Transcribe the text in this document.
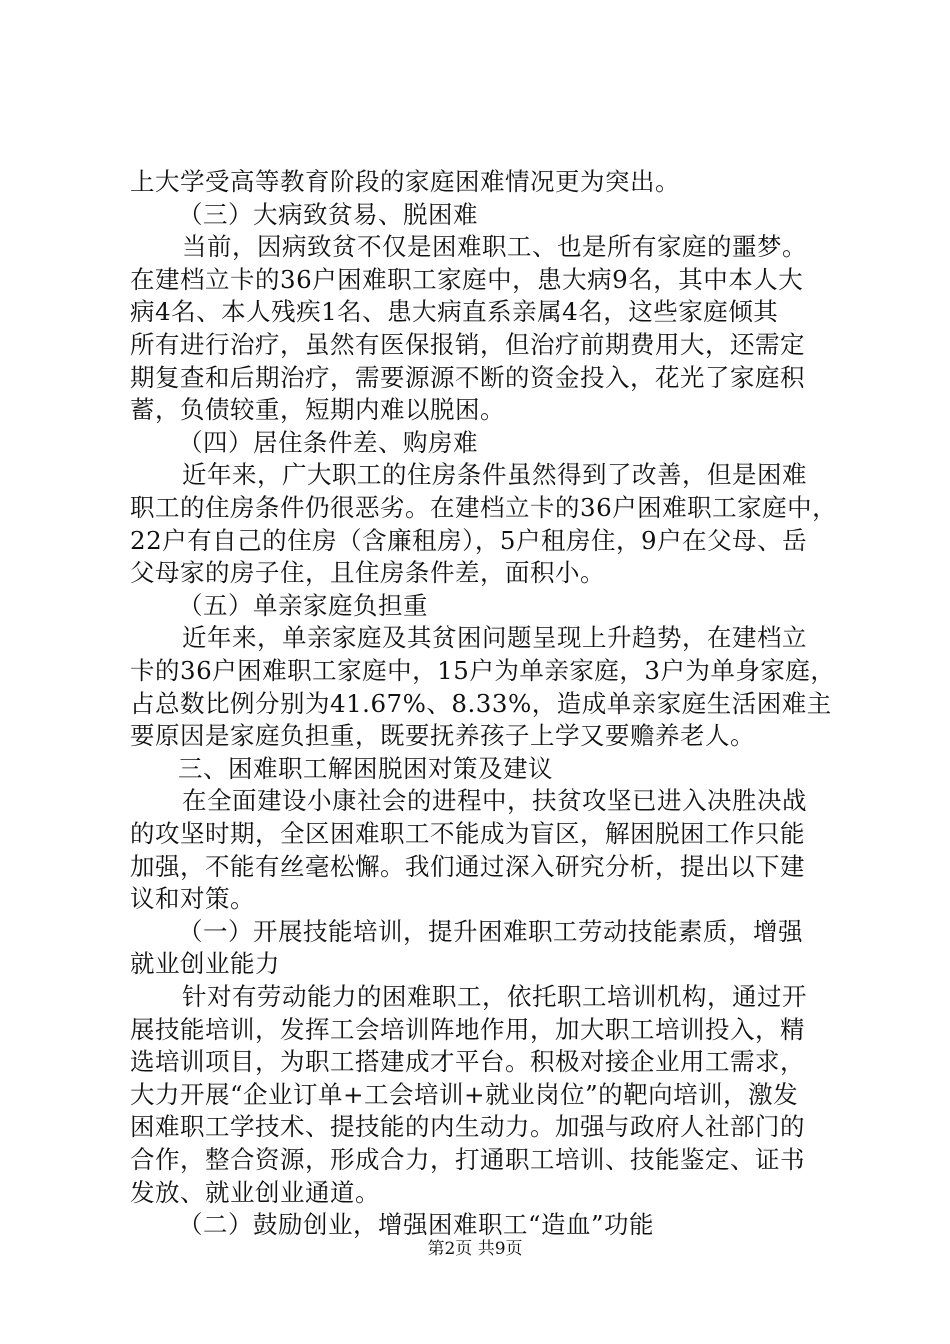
上大学受高等教育阶段的家庭困难情况更为突出。
（三）大病致贫易、脱困难
当前，因病致贫不仅是困难职工、也是所有家庭的噩梦。
在建档立卡的36户困难职工家庭中，患大病9名，其中本人大
病4名、本人残疾1名、患大病直系亲属4名，这些家庭倾其
所有进行治疗，虽然有医保报销，但治疗前期费用大，还需定
期复查和后期治疗，需要源源不断的资金投入，花光了家庭积
蓄，负债较重，短期内难以脱困。
（四）居住条件差、购房难
近年来，广大职工的住房条件虽然得到了改善，但是困难
职工的住房条件仍很恶劣。在建档立卡的36户困难职工家庭中，
22户有自己的住房（含廉租房），5户租房住，9户在父母、岳
父母家的房子住，且住房条件差，面积小。
（五）单亲家庭负担重
近年来，单亲家庭及其贫困问题呈现上升趋势，在建档立
卡的36户困难职工家庭中，15户为单亲家庭，3户为单身家庭，
占总数比例分别为41.67%、8.33%，造成单亲家庭生活困难主
要原因是家庭负担重，既要抚养孩子上学又要赡养老人。
三、困难职工解困脱困对策及建议
在全面建设小康社会的进程中，扶贫攻坚已进入决胜决战
的攻坚时期，全区困难职工不能成为盲区，解困脱困工作只能
加强，不能有丝毫松懈。我们通过深入研究分析，提出以下建
议和对策。
（一）开展技能培训，提升困难职工劳动技能素质，增强
就业创业能力
针对有劳动能力的困难职工，依托职工培训机构，通过开
展技能培训，发挥工会培训阵地作用，加大职工培训投入，精
选培训项目，为职工搭建成才平台。积极对接企业用工需求，
大力开展“企业订单+工会培训+就业岗位”的靶向培训，激发
困难职工学技术、提技能的内生动力。加强与政府人社部门的
合作，整合资源，形成合力，打通职工培训、技能鉴定、证书
发放、就业创业通道。
（二）鼓励创业，增强困难职工“造血”功能
第2页 共9页
